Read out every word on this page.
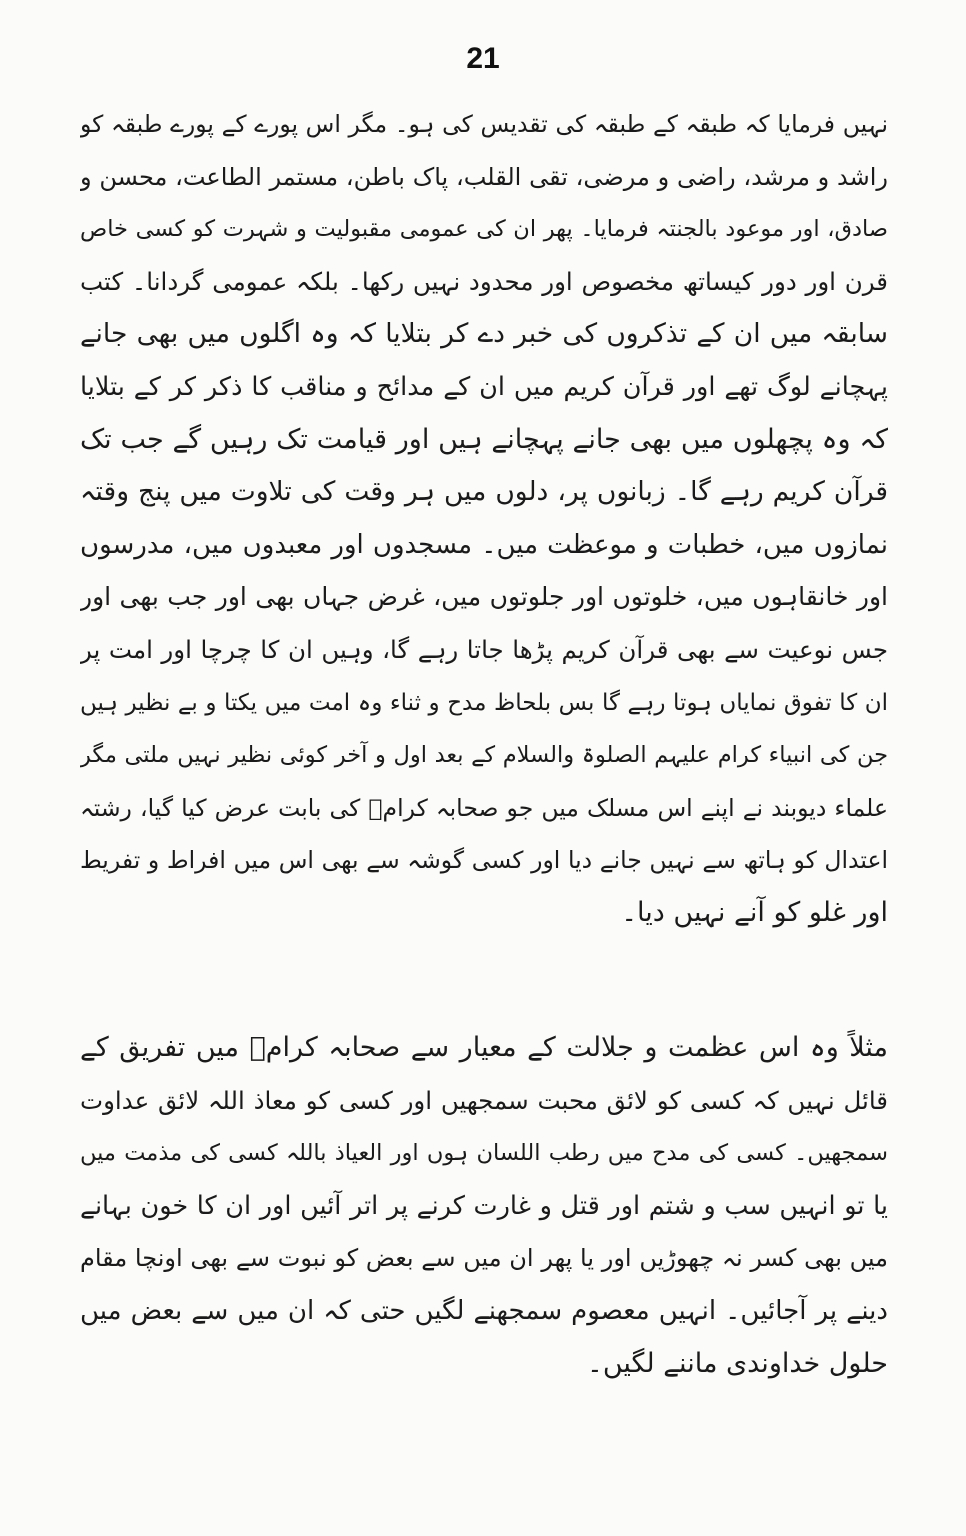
21
نہیں فرمایا کہ طبقہ کے طبقہ کی تقدیس کی ہو۔ مگر اس پورے کے پورے طبقہ کو
راشد و مرشد، راضی و مرضی، تقی القلب، پاک باطن، مستمر الطاعت، محسن و
صادق، اور موعود بالجنتہ فرمایا۔ پھر ان کی عمومی مقبولیت و شہرت کو کسی خاص
قرن اور دور کیساتھ مخصوص اور محدود نہیں رکھا۔ بلکہ عمومی گردانا۔ کتب
سابقہ میں ان کے تذکروں کی خبر دے کر بتلایا کہ وہ اگلوں میں بھی جانے
پہچانے لوگ تھے اور قرآن کریم میں ان کے مدائح و مناقب کا ذکر کر کے بتلایا
کہ وہ پچھلوں میں بھی جانے پہچانے ہیں اور قیامت تک رہیں گے جب تک
قرآن کریم رہے گا۔ زبانوں پر، دلوں میں ہر وقت کی تلاوت میں پنج وقتہ
نمازوں میں، خطبات و موعظت میں۔ مسجدوں اور معبدوں میں، مدرسوں
اور خانقاہوں میں، خلوتوں اور جلوتوں میں، غرض جہاں بھی اور جب بھی اور
جس نوعیت سے بھی قرآن کریم پڑھا جاتا رہے گا، وہیں ان کا چرچا اور امت پر
ان کا تفوق نمایاں ہوتا رہے گا بس بلحاظ مدح و ثناء وہ امت میں یکتا و بے نظیر ہیں
جن کی انبیاء کرام علیہم الصلوۃ والسلام کے بعد اول و آخر کوئی نظیر نہیں ملتی مگر
علماء دیوبند نے اپنے اس مسلک میں جو صحابہ کرامؓ کی بابت عرض کیا گیا، رشتہ
اعتدال کو ہاتھ سے نہیں جانے دیا اور کسی گوشہ سے بھی اس میں افراط و تفریط
اور غلو کو آنے نہیں دیا۔
مثلاً وہ اس عظمت و جلالت کے معیار سے صحابہ کرامؓ میں تفریق کے
قائل نہیں کہ کسی کو لائق محبت سمجھیں اور کسی کو معاذ اللہ لائق عداوت
سمجھیں۔ کسی کی مدح میں رطب اللسان ہوں اور العیاذ باللہ کسی کی مذمت میں
یا تو انہیں سب و شتم اور قتل و غارت کرنے پر اتر آئیں اور ان کا خون بہانے
میں بھی کسر نہ چھوڑیں اور یا پھر ان میں سے بعض کو نبوت سے بھی اونچا مقام
دینے پر آجائیں۔ انہیں معصوم سمجھنے لگیں حتی کہ ان میں سے بعض میں
حلول خداوندی ماننے لگیں۔
